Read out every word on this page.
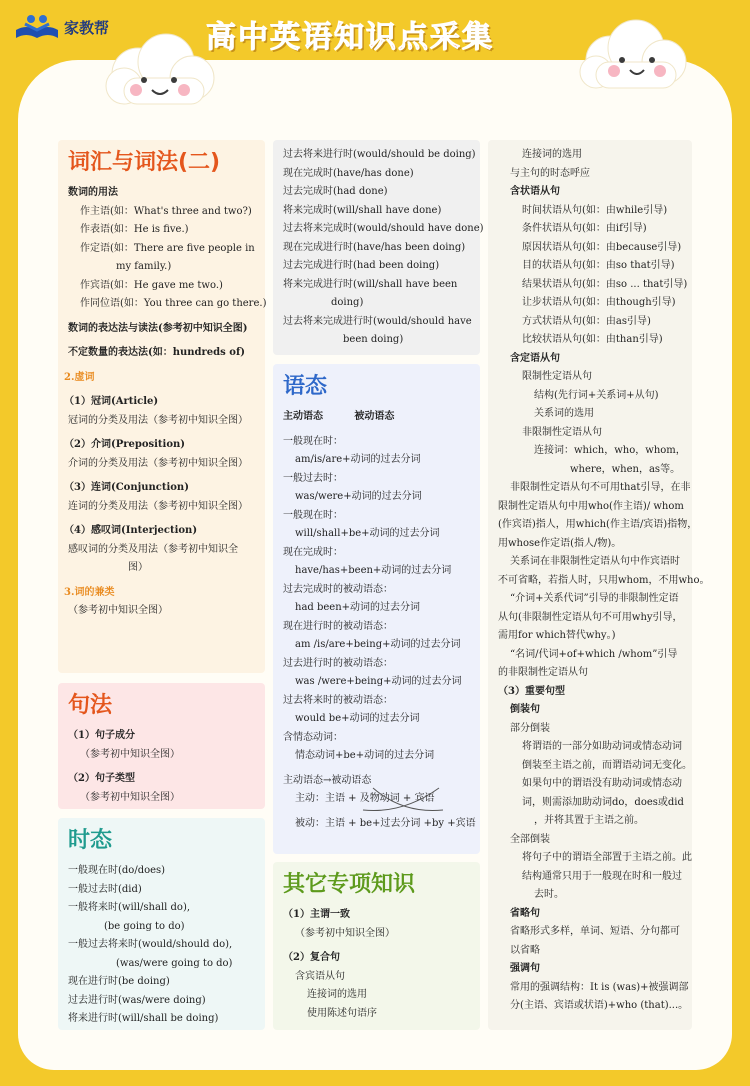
家教帮	高中英语知识点采集
词汇与词法(二)
数词的用法
作主语(如：What's three and two?)
作表语(如：He is five.)
作定语(如：There are five people in
my family.)
作宾语(如：He gave me two.)
作同位语(如：You three can go there.)
数词的表达法与读法(参考初中知识全图)
不定数量的表达法(如：hundreds of)
2.虚词
（1）冠词(Article)
冠词的分类及用法（参考初中知识全图）
（2）介词(Preposition)
介词的分类及用法（参考初中知识全图）
（3）连词(Conjunction)
连词的分类及用法（参考初中知识全图）
（4）感叹词(Interjection)
感叹词的分类及用法（参考初中知识全
图）
3.词的兼类
（参考初中知识全图）
句法
（1）句子成分
（参考初中知识全图）
（2）句子类型
（参考初中知识全图）
时态
一般现在时(do/does)
一般过去时(did)
一般将来时(will/shall do),
(be going to do)
一般过去将来时(would/should do),
(was/were going to do)
现在进行时(be doing)
过去进行时(was/were doing)
将来进行时(will/shall be doing)
过去将来进行时(would/should be doing)
现在完成时(have/has done)
过去完成时(had done)
将来完成时(will/shall have done)
过去将来完成时(would/should have done)
现在完成进行时(have/has been doing)
过去完成进行时(had been doing)
将来完成进行时(will/shall have been
doing)
过去将来完成进行时(would/should have
been doing)
语态
主动语态         被动语态
一般现在时：
am/is/are+动词的过去分词
一般过去时：
was/were+动词的过去分词
一般现在时：
will/shall+be+动词的过去分词
现在完成时：
have/has+been+动词的过去分词
过去完成时的被动语态：
had been+动词的过去分词
现在进行时的被动语态：
am /is/are+being+动词的过去分词
过去进行时的被动语态：
was /were+being+动词的过去分词
过去将来时的被动语态：
would be+动词的过去分词
含情态动词：
情态动词+be+动词的过去分词
主动语态→被动语态
主动：主语 + 及物动词 + 宾语
被动：主语 + be+过去分词 +by +宾语
其它专项知识
（1）主谓一致
（参考初中知识全图）
（2）复合句
含宾语从句
连接词的选用
使用陈述句语序
连接词的选用
与主句的时态呼应
含状语从句
时间状语从句(如：由while引导)
条件状语从句(如：由if引导)
原因状语从句(如：由because引导)
目的状语从句(如：由so that引导)
结果状语从句(如：由so ... that引导)
让步状语从句(如：由though引导)
方式状语从句(如：由as引导)
比较状语从句(如：由than引导)
含定语从句
限制性定语从句
结构(先行词+关系词+从句)
关系词的选用
非限制性定语从句
连接词：which，who，whom，
where，when，as等。
非限制性定语从句不可用that引导，在非
限制性定语从句中用who(作主语)/ whom
(作宾语)指人，用which(作主语/宾语)指物，
用whose作定语(指人/物)。
关系词在非限制性定语从句中作宾语时
不可省略，若指人时，只用whom，不用who。
“介词+关系代词”引导的非限制性定语
从句(非限制性定语从句不可用why引导，
需用for which替代why。)
“名词/代词+of+which /whom”引导
的非限制性定语从句
（3）重要句型
倒装句
部分倒装
将谓语的一部分如助动词或情态动词
倒装至主语之前，而谓语动词无变化。
如果句中的谓语没有助动词或情态动
词，则需添加助动词do，does或did
，并将其置于主语之前。
全部倒装
将句子中的谓语全部置于主语之前。此
结构通常只用于一般现在时和一般过
去时。
省略句
省略形式多样，单词、短语、分句都可
以省略
强调句
常用的强调结构：It is (was)+被强调部
分(主语、宾语或状语)+who (that)...。
